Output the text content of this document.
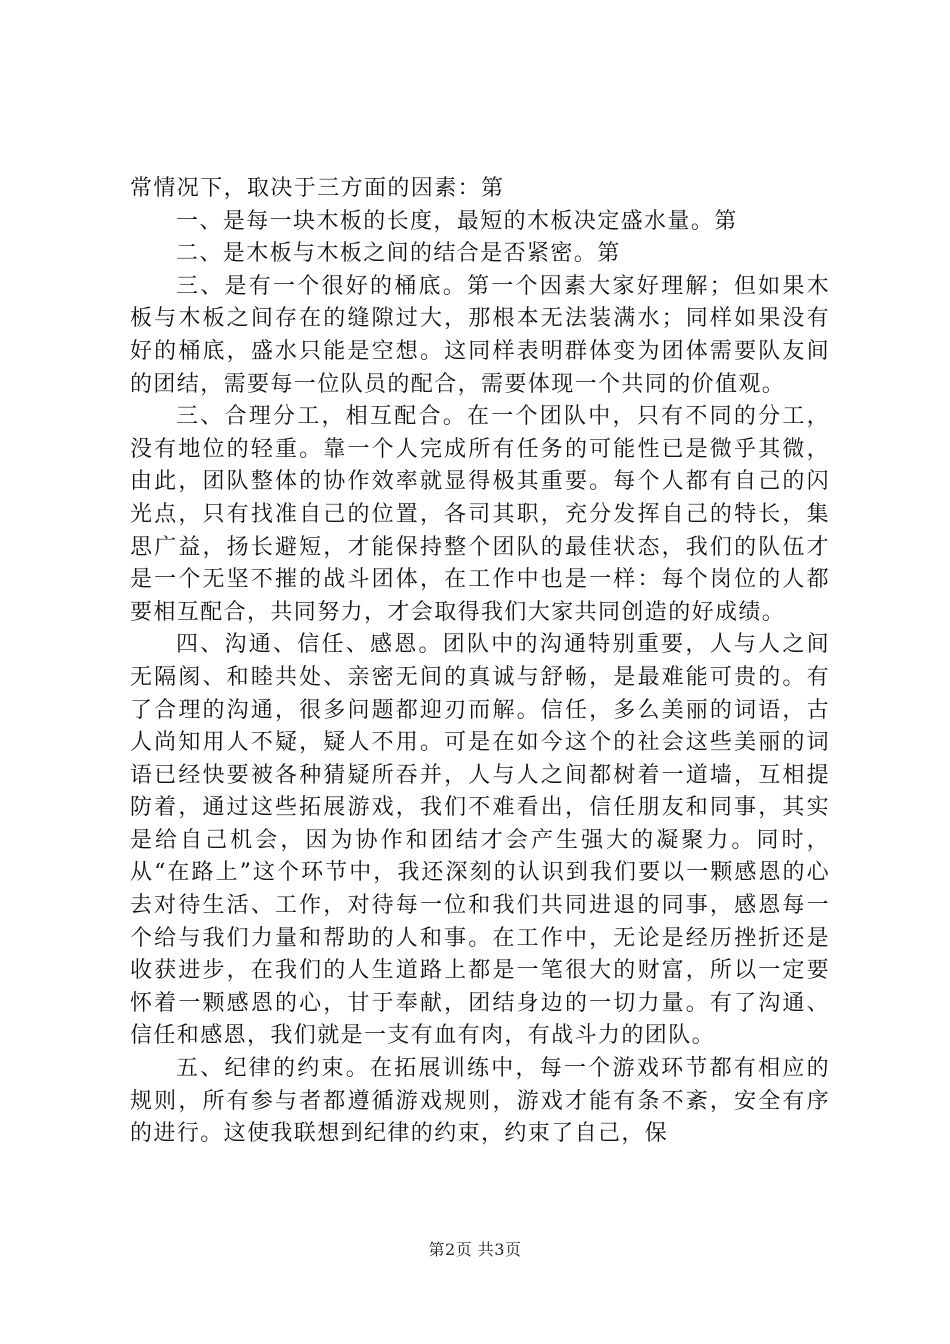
常情况下，取决于三方面的因素：第

一、是每一块木板的长度，最短的木板决定盛水量。第

二、是木板与木板之间的结合是否紧密。第

三、是有一个很好的桶底。第一个因素大家好理解；但如果木板与木板之间存在的缝隙过大，那根本无法装满水；同样如果没有好的桶底，盛水只能是空想。这同样表明群体变为团体需要队友间的团结，需要每一位队员的配合，需要体现一个共同的价值观。

三、合理分工，相互配合。在一个团队中，只有不同的分工，没有地位的轻重。靠一个人完成所有任务的可能性已是微乎其微，由此，团队整体的协作效率就显得极其重要。每个人都有自己的闪光点，只有找准自己的位置，各司其职，充分发挥自己的特长，集思广益，扬长避短，才能保持整个团队的最佳状态，我们的队伍才是一个无坚不摧的战斗团体，在工作中也是一样：每个岗位的人都要相互配合，共同努力，才会取得我们大家共同创造的好成绩。

四、沟通、信任、感恩。团队中的沟通特别重要，人与人之间无隔阂、和睦共处、亲密无间的真诚与舒畅，是最难能可贵的。有了合理的沟通，很多问题都迎刃而解。信任，多么美丽的词语，古人尚知用人不疑，疑人不用。可是在如今这个的社会这些美丽的词语已经快要被各种猜疑所吞并，人与人之间都树着一道墙，互相提防着，通过这些拓展游戏，我们不难看出，信任朋友和同事，其实是给自己机会，因为协作和团结才会产生强大的凝聚力。同时，从“在路上”这个环节中，我还深刻的认识到我们要以一颗感恩的心去对待生活、工作，对待每一位和我们共同进退的同事，感恩每一个给与我们力量和帮助的人和事。在工作中，无论是经历挫折还是收获进步，在我们的人生道路上都是一笔很大的财富，所以一定要怀着一颗感恩的心，甘于奉献，团结身边的一切力量。有了沟通、信任和感恩，我们就是一支有血有肉，有战斗力的团队。

五、纪律的约束。在拓展训练中，每一个游戏环节都有相应的规则，所有参与者都遵循游戏规则，游戏才能有条不紊，安全有序的进行。这使我联想到纪律的约束，约束了自己，保

第2页 共3页
